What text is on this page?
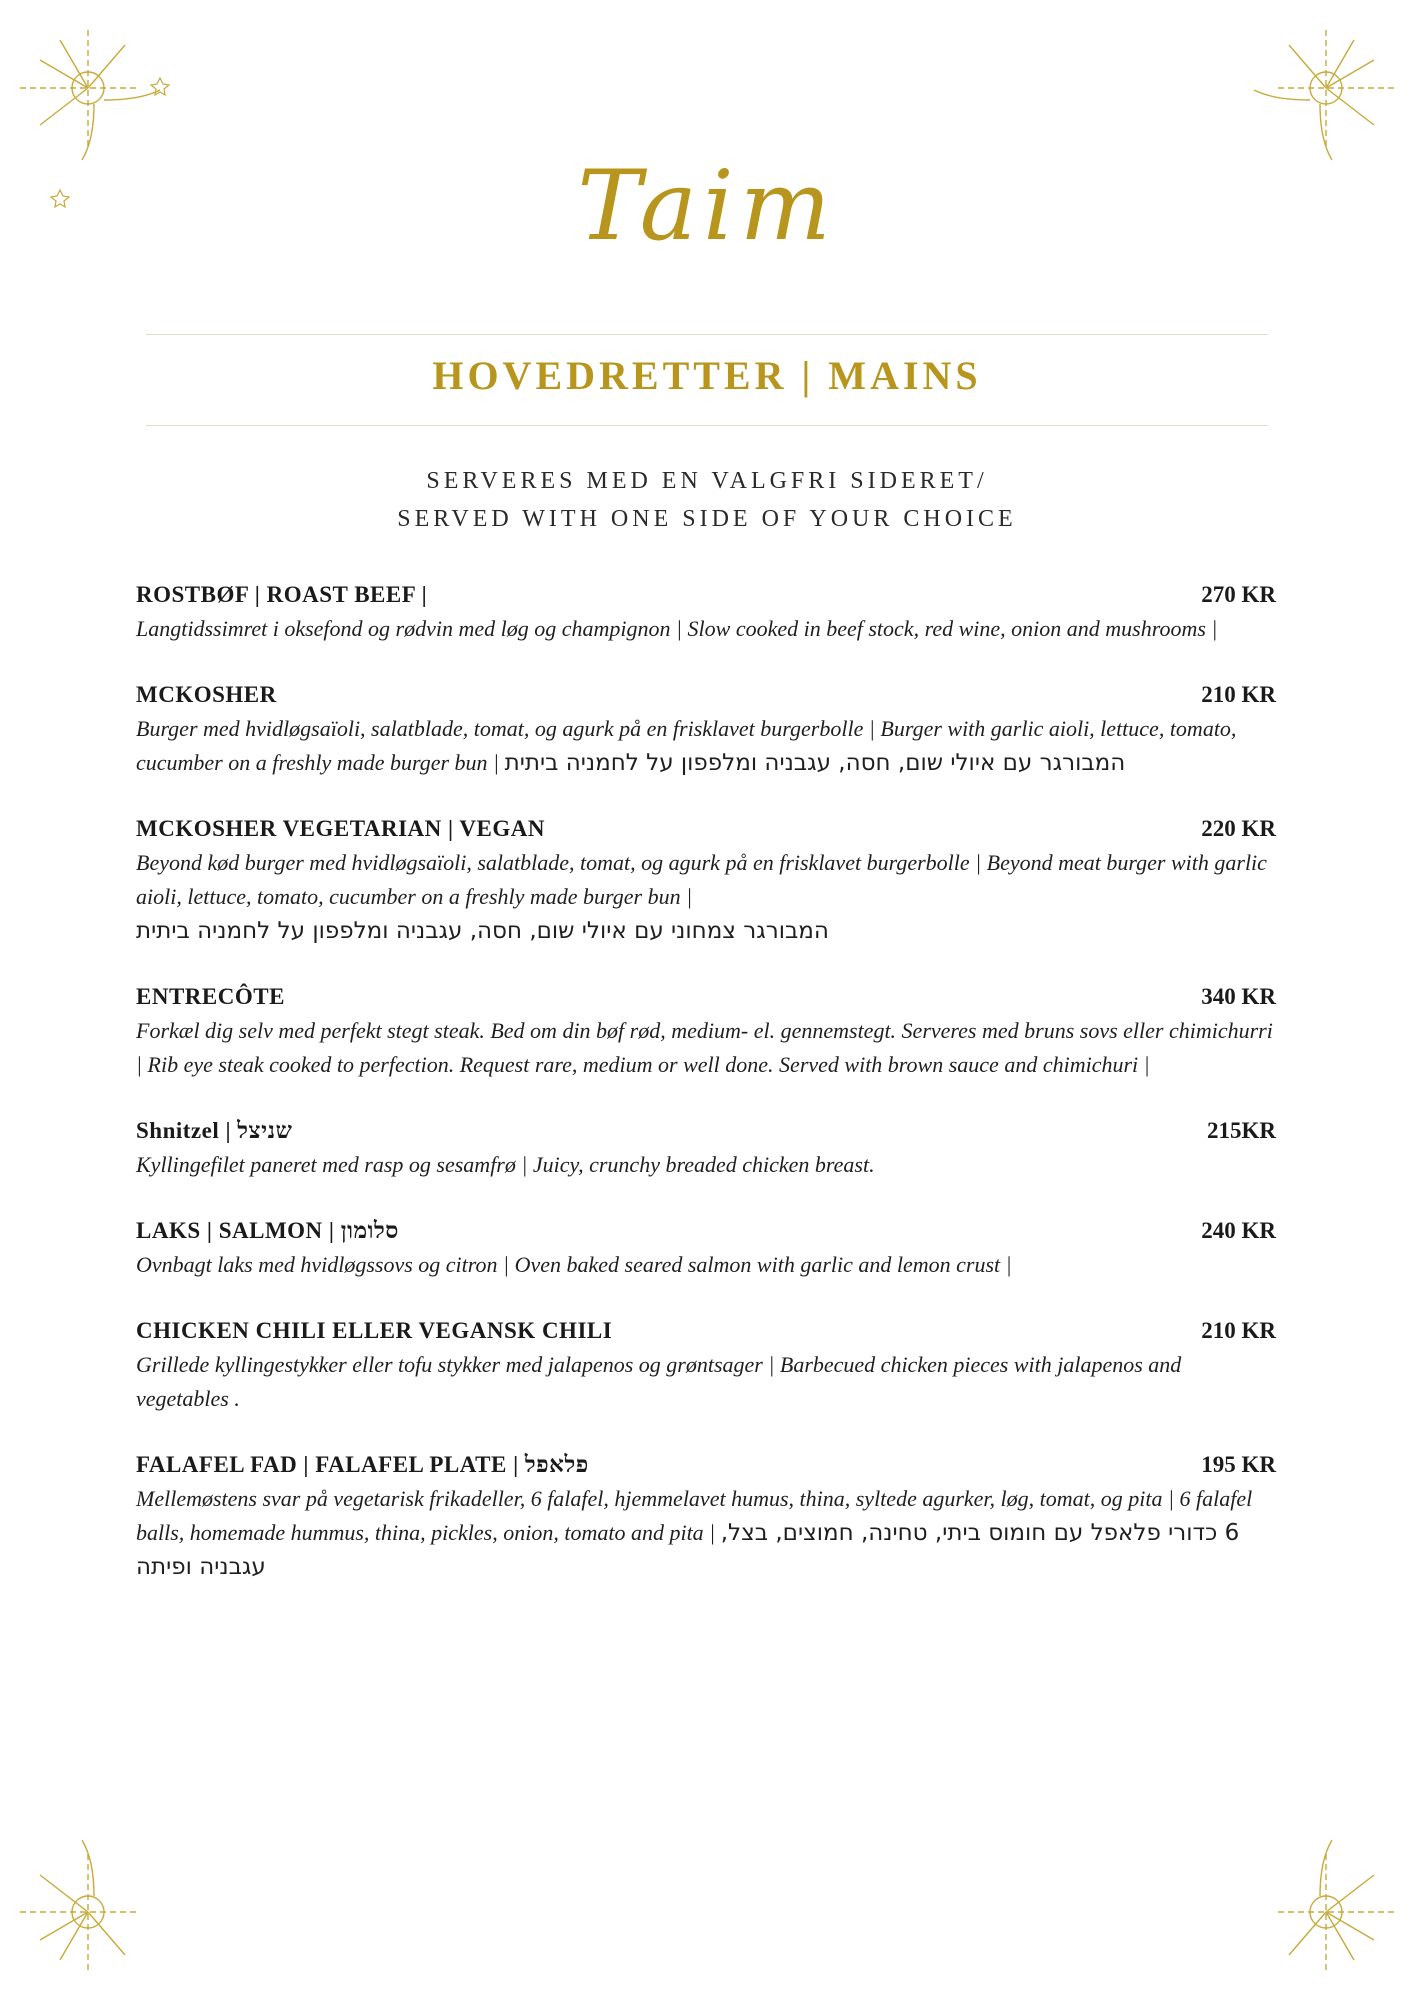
Taim
HOVEDRETTER | MAINS
SERVERES MED EN VALGFRI SIDERET/
SERVED WITH ONE SIDE OF YOUR CHOICE
ROSTBØF | ROAST BEEF |	270 KR
Langtidssimret i oksefond og rødvin med løg og champignon | Slow cooked in beef stock, red wine, onion and mushrooms |
MCKOSHER	210 KR
Burger med hvidløgsaïoli, salatblade, tomat, og agurk på en frisklavet burgerbolle | Burger with garlic aioli, lettuce, tomato, cucumber on a freshly made burger bun | המבורגר עם איולי שום, חסה, עגבניה ומלפפון על לחמניה ביתית
MCKOSHER VEGETARIAN | VEGAN	220 KR
Beyond kød burger med hvidløgsaïoli, salatblade, tomat, og agurk på en frisklavet burgerbolle | Beyond meat burger with garlic aioli, lettuce, tomato, cucumber on a freshly made burger bun |
המבורגר צמחוני עם איולי שום, חסה, עגבניה ומלפפון על לחמניה ביתית
ENTRECÔTE	340 KR
Forkæl dig selv med perfekt stegt steak. Bed om din bøf rød, medium- el. gennemstegt. Serveres med bruns sovs eller chimichurri | Rib eye steak cooked to perfection. Request rare, medium or well done. Served with brown sauce and chimichuri |
Shnitzel | שניצל	215KR
Kyllingefilet paneret med rasp og sesamfrø | Juicy, crunchy breaded chicken breast.
LAKS | SALMON | סלומון	240 KR
Ovnbagt laks med hvidløgssovs og citron | Oven baked seared salmon with garlic and lemon crust |
CHICKEN CHILI ELLER VEGANSK CHILI	210 KR
Grillede kyllingestykker eller tofu stykker med jalapenos og grøntsager | Barbecued chicken pieces with jalapenos and vegetables .
FALAFEL FAD | FALAFEL PLATE | פלאפל	195 KR
Mellemøstens svar på vegetarisk frikadeller, 6 falafel, hjemmelavet humus, thina, syltede agurker, løg, tomat, og pita | 6 falafel balls, homemade hummus, thina, pickles, onion, tomato and pita | 6 כדורי פלאפל עם חומוס ביתי, טחינה, חמוצים, בצל, עגבניה ופיתה
